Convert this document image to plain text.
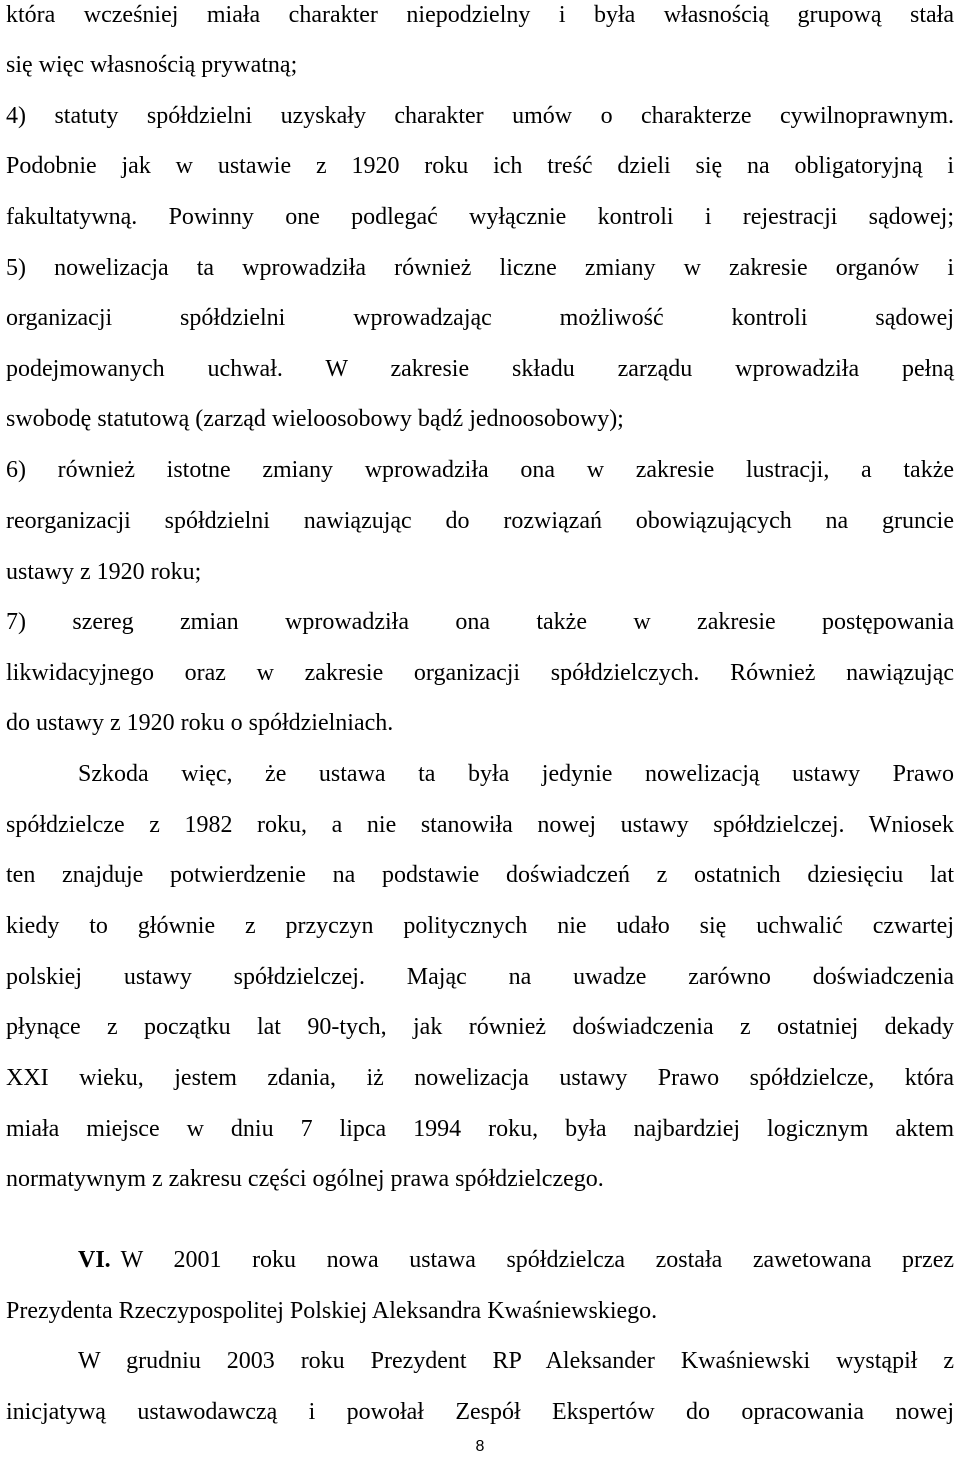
która wcześniej miała charakter niepodzielny i była własnością grupową stała
się więc własnością prywatną;
4) statuty spółdzielni uzyskały charakter umów o charakterze cywilnoprawnym.
Podobnie jak w ustawie z 1920 roku ich treść dzieli się na obligatoryjną i
fakultatywną. Powinny one podlegać wyłącznie kontroli i rejestracji sądowej;
5) nowelizacja ta wprowadziła również liczne zmiany w zakresie organów i
organizacji spółdzielni wprowadzając możliwość kontroli sądowej
podejmowanych uchwał. W zakresie składu zarządu wprowadziła pełną
swobodę statutową (zarząd wieloosobowy bądź jednoosobowy);
6) również istotne zmiany wprowadziła ona w zakresie lustracji, a także
reorganizacji spółdzielni nawiązując do rozwiązań obowiązujących na gruncie
ustawy z 1920 roku;
7) szereg zmian wprowadziła ona także w zakresie postępowania
likwidacyjnego oraz w zakresie organizacji spółdzielczych. Również nawiązując
do ustawy z 1920 roku o spółdzielniach.
Szkoda więc, że ustawa ta była jedynie nowelizacją ustawy Prawo
spółdzielcze z 1982 roku, a nie stanowiła nowej ustawy spółdzielczej. Wniosek
ten znajduje potwierdzenie na podstawie doświadczeń z ostatnich dziesięciu lat
kiedy to głównie z przyczyn politycznych nie udało się uchwalić czwartej
polskiej ustawy spółdzielczej. Mając na uwadze zarówno doświadczenia
płynące z początku lat 90-tych, jak również doświadczenia z ostatniej dekady
XXI wieku, jestem zdania, iż nowelizacja ustawy Prawo spółdzielcze, która
miała miejsce w dniu 7 lipca 1994 roku, była najbardziej logicznym aktem
normatywnym z zakresu części ogólnej prawa spółdzielczego.
VI. W 2001 roku nowa ustawa spółdzielcza została zawetowana przez
Prezydenta Rzeczypospolitej Polskiej Aleksandra Kwaśniewskiego.
W grudniu 2003 roku Prezydent RP Aleksander Kwaśniewski wystąpił z
inicjatywą ustawodawczą i powołał Zespół Ekspertów do opracowania nowej
8
